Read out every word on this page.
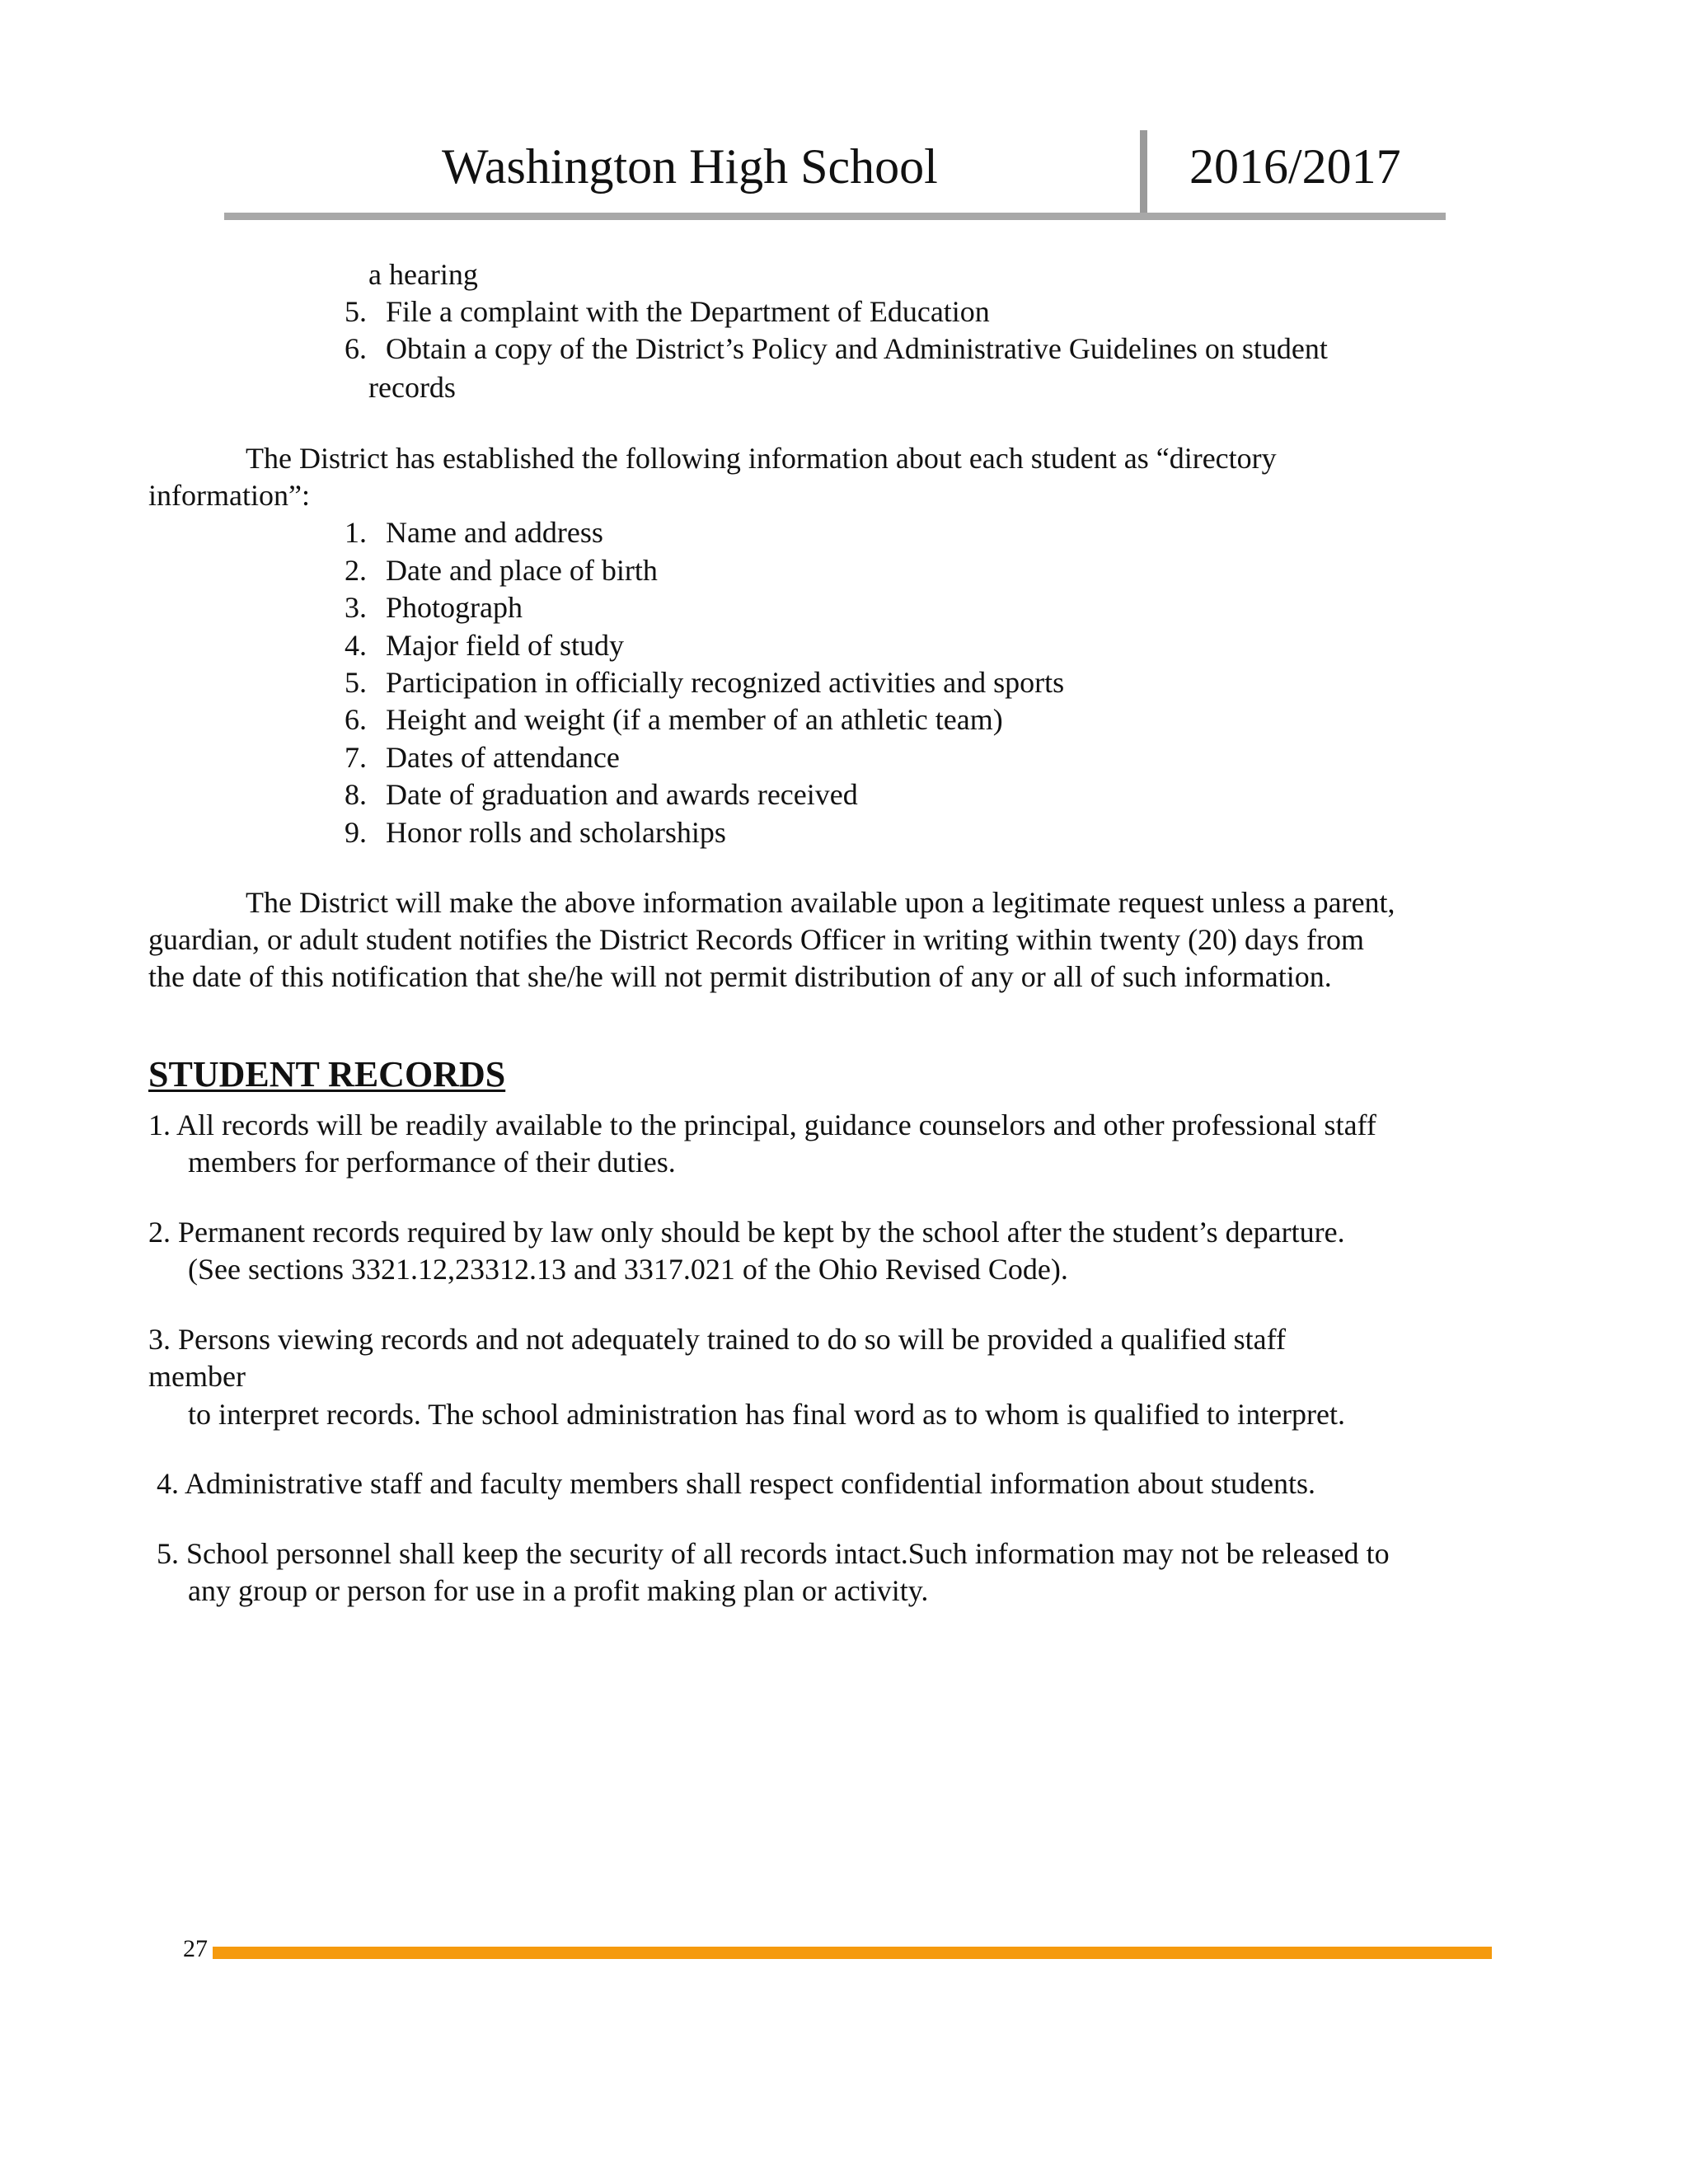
Washington High School	2016/2017
a hearing
5. File a complaint with the Department of Education
6. Obtain a copy of the District’s Policy and Administrative Guidelines on student
records
The District has established the following information about each student as “directory
information”:
1. Name and address
2. Date and place of birth
3. Photograph
4. Major field of study
5. Participation in officially recognized activities and sports
6. Height and weight (if a member of an athletic team)
7. Dates of attendance
8. Date of graduation and awards received
9. Honor rolls and scholarships
The District will make the above information available upon a legitimate request unless a parent,
guardian, or adult student notifies the District Records Officer in writing within twenty (20) days from
the date of this notification that she/he will not permit distribution of any or all of such information.
STUDENT RECORDS
1. All records will be readily available to the principal, guidance counselors and other professional staff
members for performance of their duties.
2. Permanent records required by law only should be kept by the school after the student’s departure.
(See sections 3321.12,23312.13 and 3317.021 of the Ohio Revised Code).
3. Persons viewing records and not adequately trained to do so will be provided a qualified staff
member
to interpret records. The school administration has final word as to whom is qualified to interpret.
4. Administrative staff and faculty members shall respect confidential information about students.
5. School personnel shall keep the security of all records intact.Such information may not be released to
any group or person for use in a profit making plan or activity.
27
